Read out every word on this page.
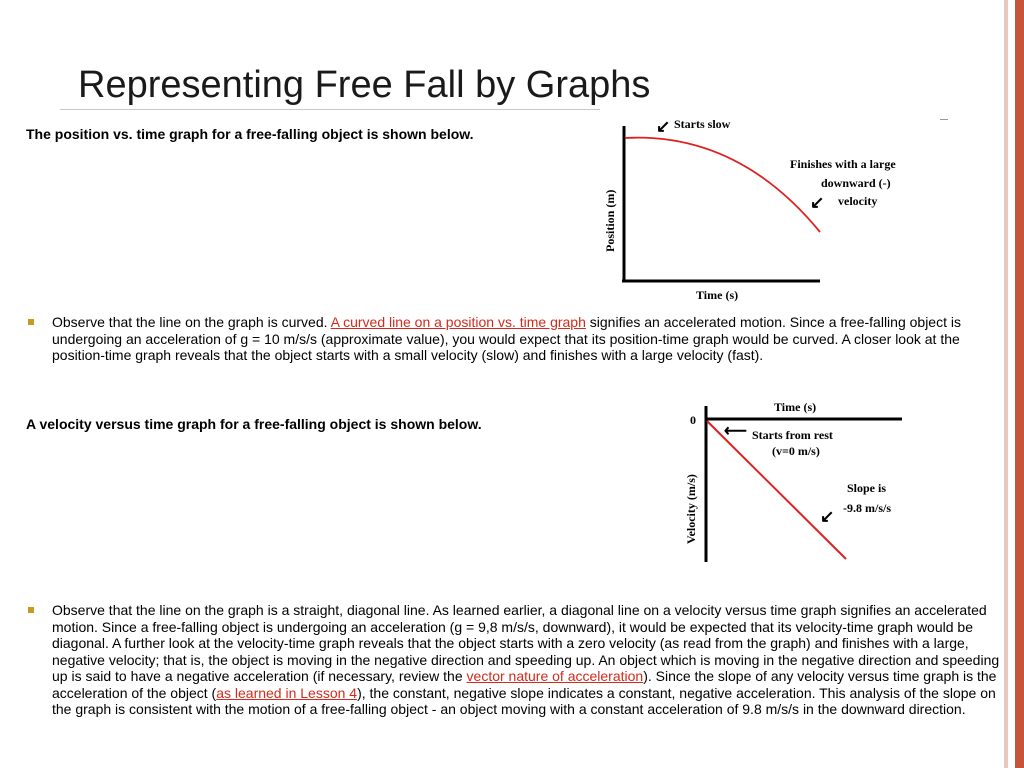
Representing Free Fall by Graphs
The position vs. time graph for a free-falling object is shown below.
Position (m)
Time (s)
↙ Starts slow
Finishes with a large
downward (-)
velocity
↙
Observe that the line on the graph is curved. A curved line on a position vs. time graph signifies an accelerated motion. Since a free-falling object is undergoing an acceleration of g = 10 m/s/s (approximate value), you would expect that its position-time graph would be curved. A closer look at the position-time graph reveals that the object starts with a small velocity (slow) and finishes with a large velocity (fast).
A velocity versus time graph for a free-falling object is shown below.	0
Time (s)
Velocity (m/s)
⟵ Starts from rest
(v=0 m/s)
Slope is
-9.8 m/s/s
↙
Observe that the line on the graph is a straight, diagonal line. As learned earlier, a diagonal line on a velocity versus time graph signifies an accelerated motion. Since a free-falling object is undergoing an acceleration (g = 9,8 m/s/s, downward), it would be expected that its velocity-time graph would be diagonal. A further look at the velocity-time graph reveals that the object starts with a zero velocity (as read from the graph) and finishes with a large, negative velocity; that is, the object is moving in the negative direction and speeding up. An object which is moving in the negative direction and speeding up is said to have a negative acceleration (if necessary, review the vector nature of acceleration). Since the slope of any velocity versus time graph is the acceleration of the object (as learned in Lesson 4), the constant, negative slope indicates a constant, negative acceleration. This analysis of the slope on the graph is consistent with the motion of a free-falling object - an object moving with a constant acceleration of 9.8 m/s/s in the downward direction.
